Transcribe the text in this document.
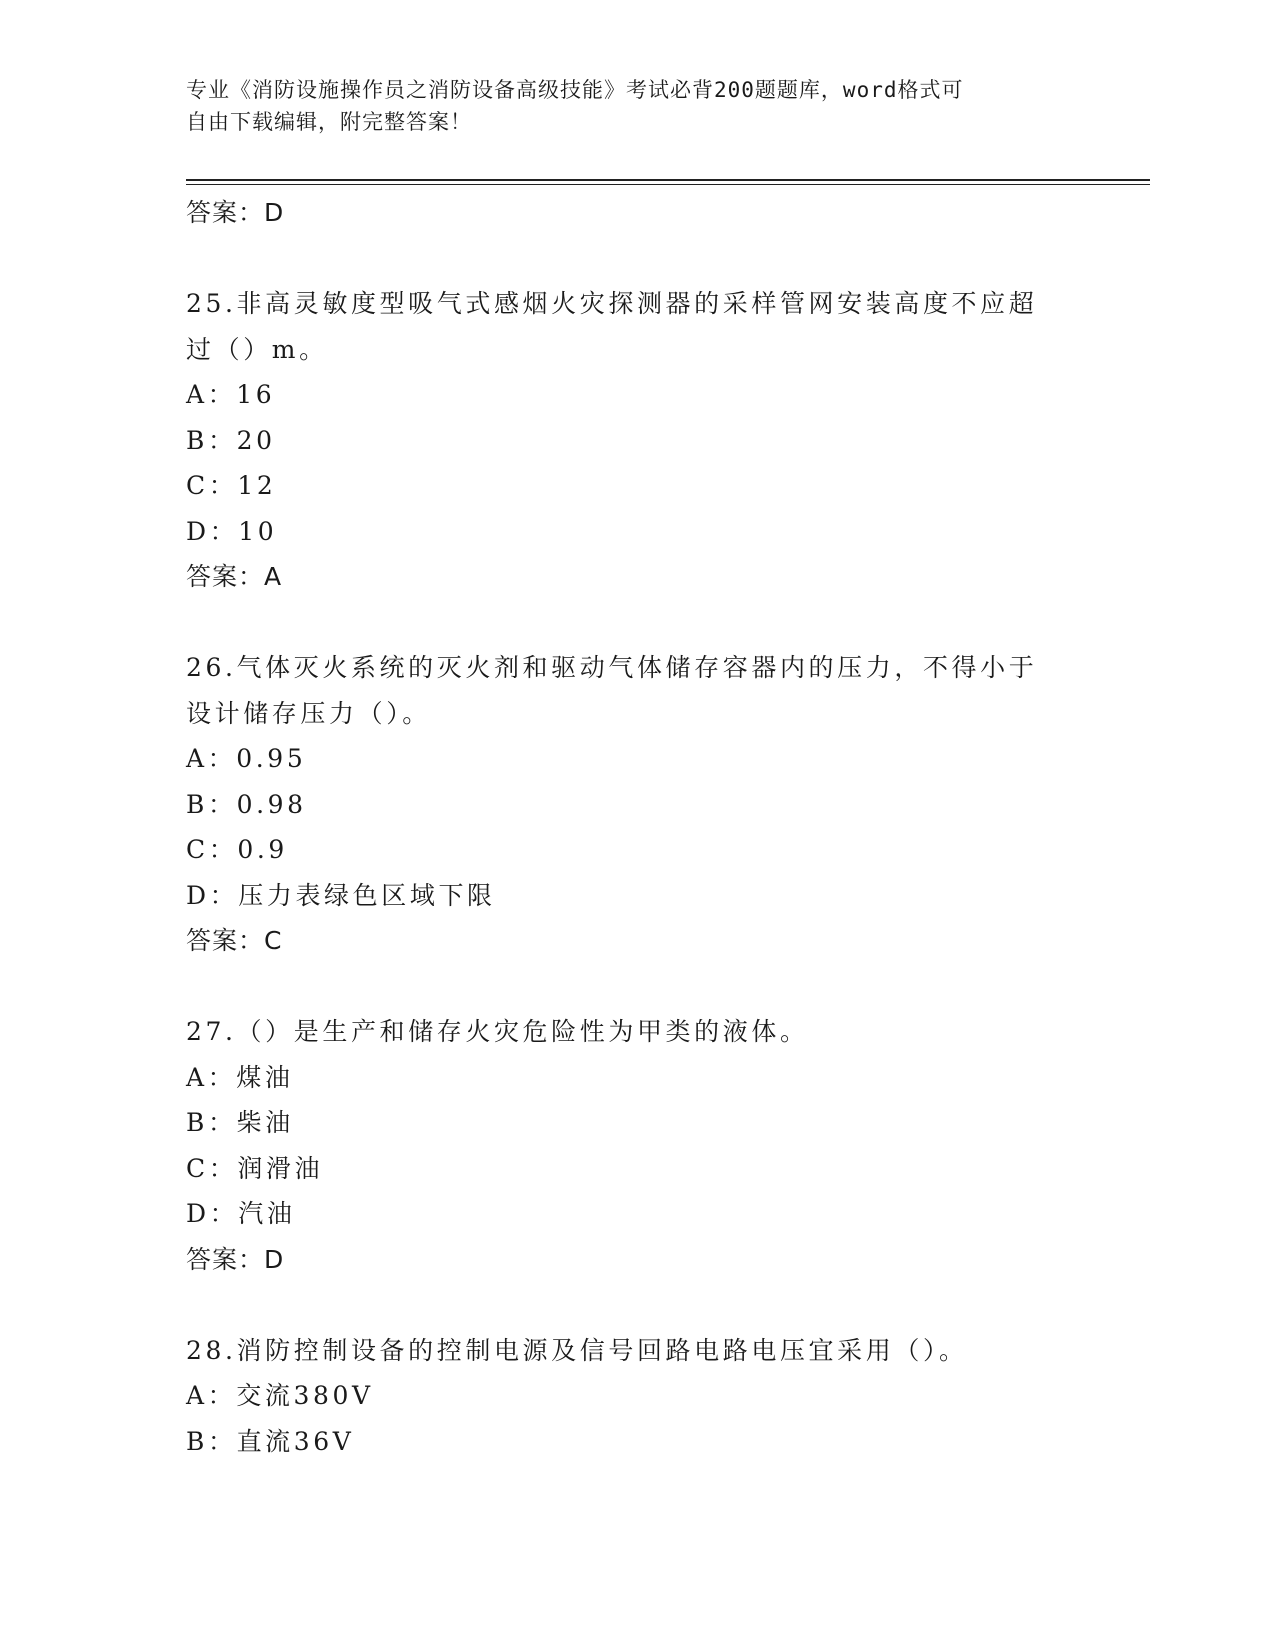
专业《消防设施操作员之消防设备高级技能》考试必背200题题库，word格式可
自由下载编辑，附完整答案！
答案：D
25.非高灵敏度型吸气式感烟火灾探测器的采样管网安装高度不应超过（）m。
A：16
B：20
C：12
D：10
答案：A
26.气体灭火系统的灭火剂和驱动气体储存容器内的压力，不得小于设计储存压力（）。
A：0.95
B：0.98
C：0.9
D：压力表绿色区域下限
答案：C
27.（）是生产和储存火灾危险性为甲类的液体。
A：煤油
B：柴油
C：润滑油
D：汽油
答案：D
28.消防控制设备的控制电源及信号回路电路电压宜采用（）。
A：交流380V
B：直流36V
